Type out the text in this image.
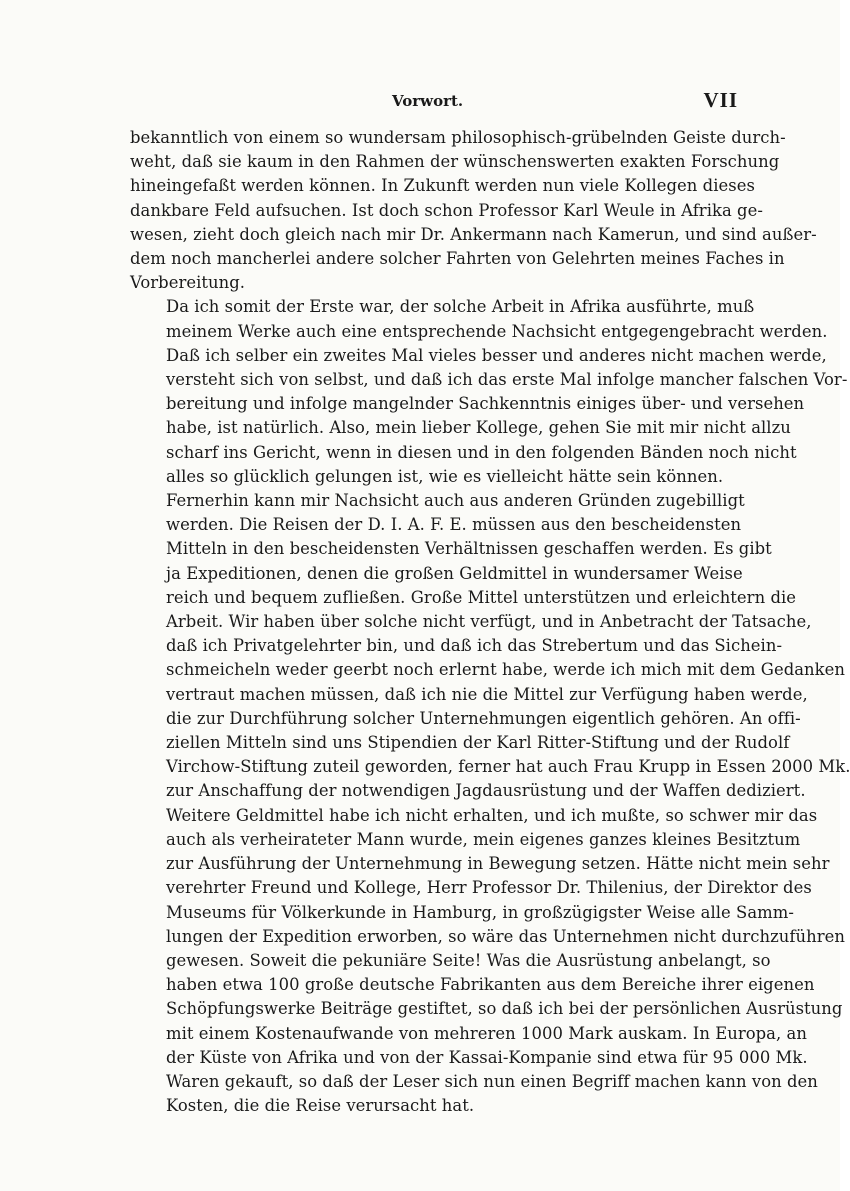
Vorwort.	VII

bekanntlich von einem so wundersam philosophisch-grübelnden Geiste durch-
weht, daß sie kaum in den Rahmen der wünschenswerten exakten Forschung
hineingefaßt werden können. In Zukunft werden nun viele Kollegen dieses
dankbare Feld aufsuchen. Ist doch schon Professor Karl Weule in Afrika ge-
wesen, zieht doch gleich nach mir Dr. Ankermann nach Kamerun, und sind außer-
dem noch mancherlei andere solcher Fahrten von Gelehrten meines Faches in
Vorbereitung.

Da ich somit der Erste war, der solche Arbeit in Afrika ausführte, muß
meinem Werke auch eine entsprechende Nachsicht entgegengebracht werden.
Daß ich selber ein zweites Mal vieles besser und anderes nicht machen werde,
versteht sich von selbst, und daß ich das erste Mal infolge mancher falschen Vor-
bereitung und infolge mangelnder Sachkenntnis einiges über- und versehen
habe, ist natürlich. Also, mein lieber Kollege, gehen Sie mit mir nicht allzu
scharf ins Gericht, wenn in diesen und in den folgenden Bänden noch nicht
alles so glücklich gelungen ist, wie es vielleicht hätte sein können.

Fernerhin kann mir Nachsicht auch aus anderen Gründen zugebilligt
werden. Die Reisen der D. I. A. F. E. müssen aus den bescheidensten
Mitteln in den bescheidensten Verhältnissen geschaffen werden. Es gibt
ja Expeditionen, denen die großen Geldmittel in wundersamer Weise
reich und bequem zufließen. Große Mittel unterstützen und erleichtern die
Arbeit. Wir haben über solche nicht verfügt, und in Anbetracht der Tatsache,
daß ich Privatgelehrter bin, und daß ich das Strebertum und das Sichein-
schmeicheln weder geerbt noch erlernt habe, werde ich mich mit dem Gedanken
vertraut machen müssen, daß ich nie die Mittel zur Verfügung haben werde,
die zur Durchführung solcher Unternehmungen eigentlich gehören. An offi-
ziellen Mitteln sind uns Stipendien der Karl Ritter-Stiftung und der Rudolf
Virchow-Stiftung zuteil geworden, ferner hat auch Frau Krupp in Essen 2000 Mk.
zur Anschaffung der notwendigen Jagdausrüstung und der Waffen dediziert.
Weitere Geldmittel habe ich nicht erhalten, und ich mußte, so schwer mir das
auch als verheirateter Mann wurde, mein eigenes ganzes kleines Besitztum
zur Ausführung der Unternehmung in Bewegung setzen. Hätte nicht mein sehr
verehrter Freund und Kollege, Herr Professor Dr. Thilenius, der Direktor des
Museums für Völkerkunde in Hamburg, in großzügigster Weise alle Samm-
lungen der Expedition erworben, so wäre das Unternehmen nicht durchzuführen
gewesen. Soweit die pekuniäre Seite! Was die Ausrüstung anbelangt, so
haben etwa 100 große deutsche Fabrikanten aus dem Bereiche ihrer eigenen
Schöpfungswerke Beiträge gestiftet, so daß ich bei der persönlichen Ausrüstung
mit einem Kostenaufwande von mehreren 1000 Mark auskam. In Europa, an
der Küste von Afrika und von der Kassai-Kompanie sind etwa für 95 000 Mk.
Waren gekauft, so daß der Leser sich nun einen Begriff machen kann von den
Kosten, die die Reise verursacht hat.
